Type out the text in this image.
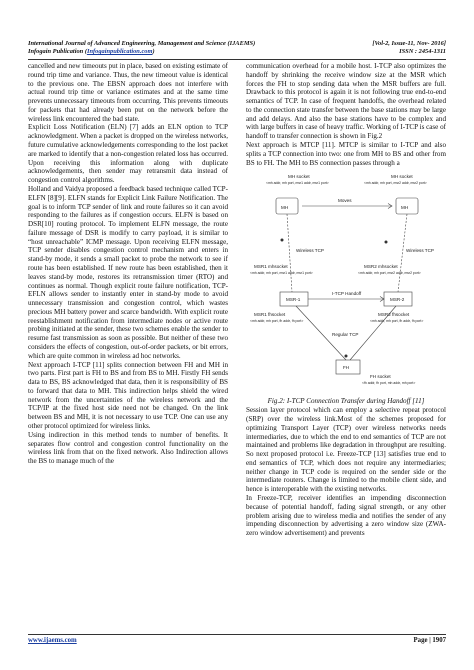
International Journal of Advanced Engineering, Management and Science (IJAEMS)	[Vol-2, Issue-11, Nov- 2016]
Infogain Publication (Infogainpublication.com)	ISSN : 2454-1311

cancelled and new timeouts put in place, based on existing estimate of round trip time and variance. Thus, the new timeout value is identical to the previous one. The EBSN approach does not interfere with actual round trip time or variance estimates and at the same time prevents unnecessary timeouts from occurring. This prevents timeouts for packets that had already been put on the network before the wireless link encountered the bad state.

Explicit Loss Notification (ELN) [7] adds an ELN option to TCP acknowledgment. When a packet is dropped on the wireless networks, future cumulative acknowledgements corresponding to the lost packet are marked to identify that a non-congestion related loss has occurred. Upon receiving this information along with duplicate acknowledgements, then sender may retransmit data instead of congestion control algorithms.

Holland and Vaidya proposed a feedback based technique called TCP-ELFN [8][9]. ELFN stands for Explicit Link Failure Notification. The goal is to inform TCP sender of link and route failures so it can avoid responding to the failures as if congestion occurs. ELFN is based on DSR[10] routing protocol. To implement ELFN message, the route failure message of DSR is modify to carry payload, it is similar to “host unreachable” ICMP message. Upon receiving ELFN message, TCP sender disables congestion control mechanism and enters in stand-by mode, it sends a small packet to probe the network to see if route has been established. If new route has been established, then it leaves stand-by mode, restores its retransmission timer (RTO) and continues as normal. Though explicit route failure notification, TCP-EFLN allows sender to instantly enter in stand-by mode to avoid unnecessary transmission and congestion control, which wastes precious MH battery power and scarce bandwidth. With explicit route reestablishment notification from intermediate nodes or active route probing initiated at the sender, these two schemes enable the sender to resume fast transmission as soon as possible. But neither of these two considers the effects of congestion, out-of-order packets, or bit errors, which are quite common in wireless ad hoc networks.

Next approach I-TCP [11] splits connection between FH and MH in two parts. First part is FH to BS and from BS to MH. Firstly FH sends data to BS, BS acknowledged that data, then it is responsibility of BS to forward that data to MH. This indirection helps shield the wired network from the uncertainties of the wireless network and the TCP/IP at the fixed host side need not be changed. On the link between BS and MH, it is not necessary to use TCP. One can use any other protocol optimized for wireless links.

Using indirection in this method tends to number of benefits. It separates flow control and congestion control functionality on the wireless link from that on the fixed network. Also Indirection allows the BS to manage much of the

communication overhead for a mobile host. I-TCP also optimizes the handoff by shrinking the receive window size at the MSR which forces the FH to stop sending data when the MSR buffers are full. Drawback to this protocol is again it is not following true end-to-end semantics of TCP. In case of frequent handoffs, the overhead related to the connection state transfer between the base stations may be large and add delays. And also the base stations have to be complex and with large buffers in case of heavy traffic. Working of I-TCP is case of handoff to transfer connection is shown in Fig.2

Next approach is MTCP [11]. MTCP is similar to I-TCP and also splits a TCP connection into two: one from MH to BS and other from BS to FH. The MH to BS connection passes through a

MH socket
<mh addr, mh port, msr1 addr, msr1 port>
MH socket
<mh addr, mh port, msr2 addr, msr2 port>
MH	MH
Moves
Wireless TCP	Wireless TCP
MSR1 mhsocket
<mh addr, mh port, msr1 addr, msr1 port>
MSR2 mhsocket
<mh addr, mh port, msr2 addr, msr2 port>
I-TCP Handoff
MSR-1	MSR-2
MSR1 fhsocket
<mh addr, mh port, fh addr, fh port>
MSR2 fhsocket
<mh addr, mh port, fh addr, fh port>
Regular TCP
FH
FH socket
<fh addr, fh port, mh addr, mh port>

Fig.2: I-TCP Connection Transfer during Handoff [11]

Session layer protocol which can employ a selective repeat protocol (SRP) over the wireless link.Most of the schemes proposed for optimizing Transport Layer (TCP) over wireless networks needs intermediaries, due to which the end to end semantics of TCP are not maintained and problems like degradation in throughput are resulting. So next proposed protocol i.e. Freeze-TCP [13] satisfies true end to end semantics of TCP, which does not require any intermediaries; neither change in TCP code is required on the sender side or the intermediate routers. Change is limited to the mobile client side, and hence is interoperable with the existing networks.

In Freeze-TCP, receiver identifies an impending disconnection because of potential handoff, fading signal strength, or any other problem arising due to wireless media and notifies the sender of any impending disconnection by advertising a zero window size (ZWA- zero window advertisement) and prevents

www.ijaems.com	Page | 1907
